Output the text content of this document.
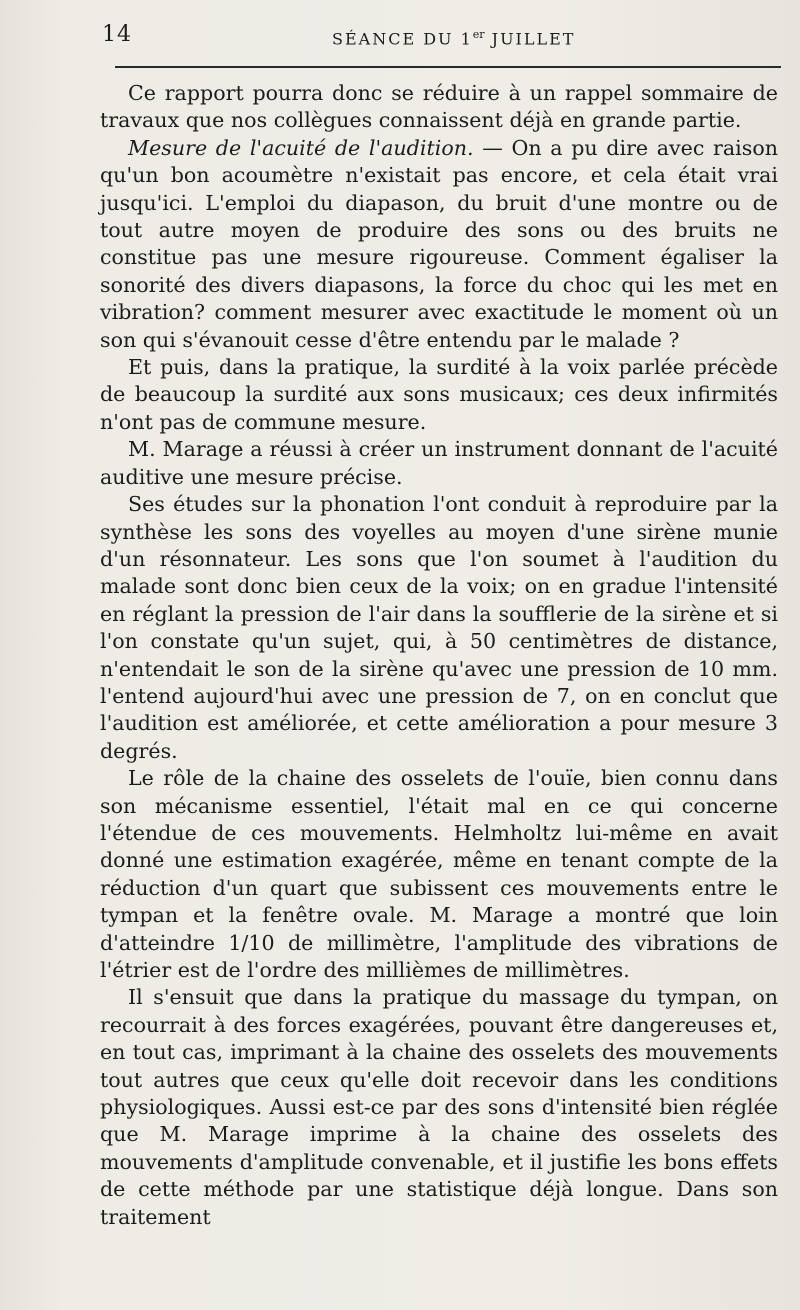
14	SÉANCE DU 1er JUILLET

Ce rapport pourra donc se réduire à un rappel sommaire de travaux que nos collègues connaissent déjà en grande partie.

Mesure de l'acuité de l'audition. — On a pu dire avec raison qu'un bon acoumètre n'existait pas encore, et cela était vrai jusqu'ici. L'emploi du diapason, du bruit d'une montre ou de tout autre moyen de produire des sons ou des bruits ne constitue pas une mesure rigoureuse. Comment égaliser la sonorité des divers diapasons, la force du choc qui les met en vibration? comment mesurer avec exactitude le moment où un son qui s'évanouit cesse d'être entendu par le malade ?

Et puis, dans la pratique, la surdité à la voix parlée précède de beaucoup la surdité aux sons musicaux; ces deux infirmités n'ont pas de commune mesure.

M. Marage a réussi à créer un instrument donnant de l'acuité auditive une mesure précise.

Ses études sur la phonation l'ont conduit à reproduire par la synthèse les sons des voyelles au moyen d'une sirène munie d'un résonnateur. Les sons que l'on soumet à l'audition du malade sont donc bien ceux de la voix; on en gradue l'intensité en réglant la pression de l'air dans la soufflerie de la sirène et si l'on constate qu'un sujet, qui, à 50 centimètres de distance, n'entendait le son de la sirène qu'avec une pression de 10 mm. l'entend aujourd'hui avec une pression de 7, on en conclut que l'audition est améliorée, et cette amélioration a pour mesure 3 degrés.

Le rôle de la chaine des osselets de l'ouïe, bien connu dans son mécanisme essentiel, l'était mal en ce qui concerne l'étendue de ces mouvements. Helmholtz lui-même en avait donné une estimation exagérée, même en tenant compte de la réduction d'un quart que subissent ces mouvements entre le tympan et la fenêtre ovale. M. Marage a montré que loin d'atteindre 1/10 de millimètre, l'amplitude des vibrations de l'étrier est de l'ordre des millièmes de millimètres.

Il s'ensuit que dans la pratique du massage du tympan, on recourrait à des forces exagérées, pouvant être dangereuses et, en tout cas, imprimant à la chaine des osselets des mouvements tout autres que ceux qu'elle doit recevoir dans les conditions physiologiques. Aussi est-ce par des sons d'intensité bien réglée que M. Marage imprime à la chaine des osselets des mouvements d'amplitude convenable, et il justifie les bons effets de cette méthode par une statistique déjà longue. Dans son traitement
